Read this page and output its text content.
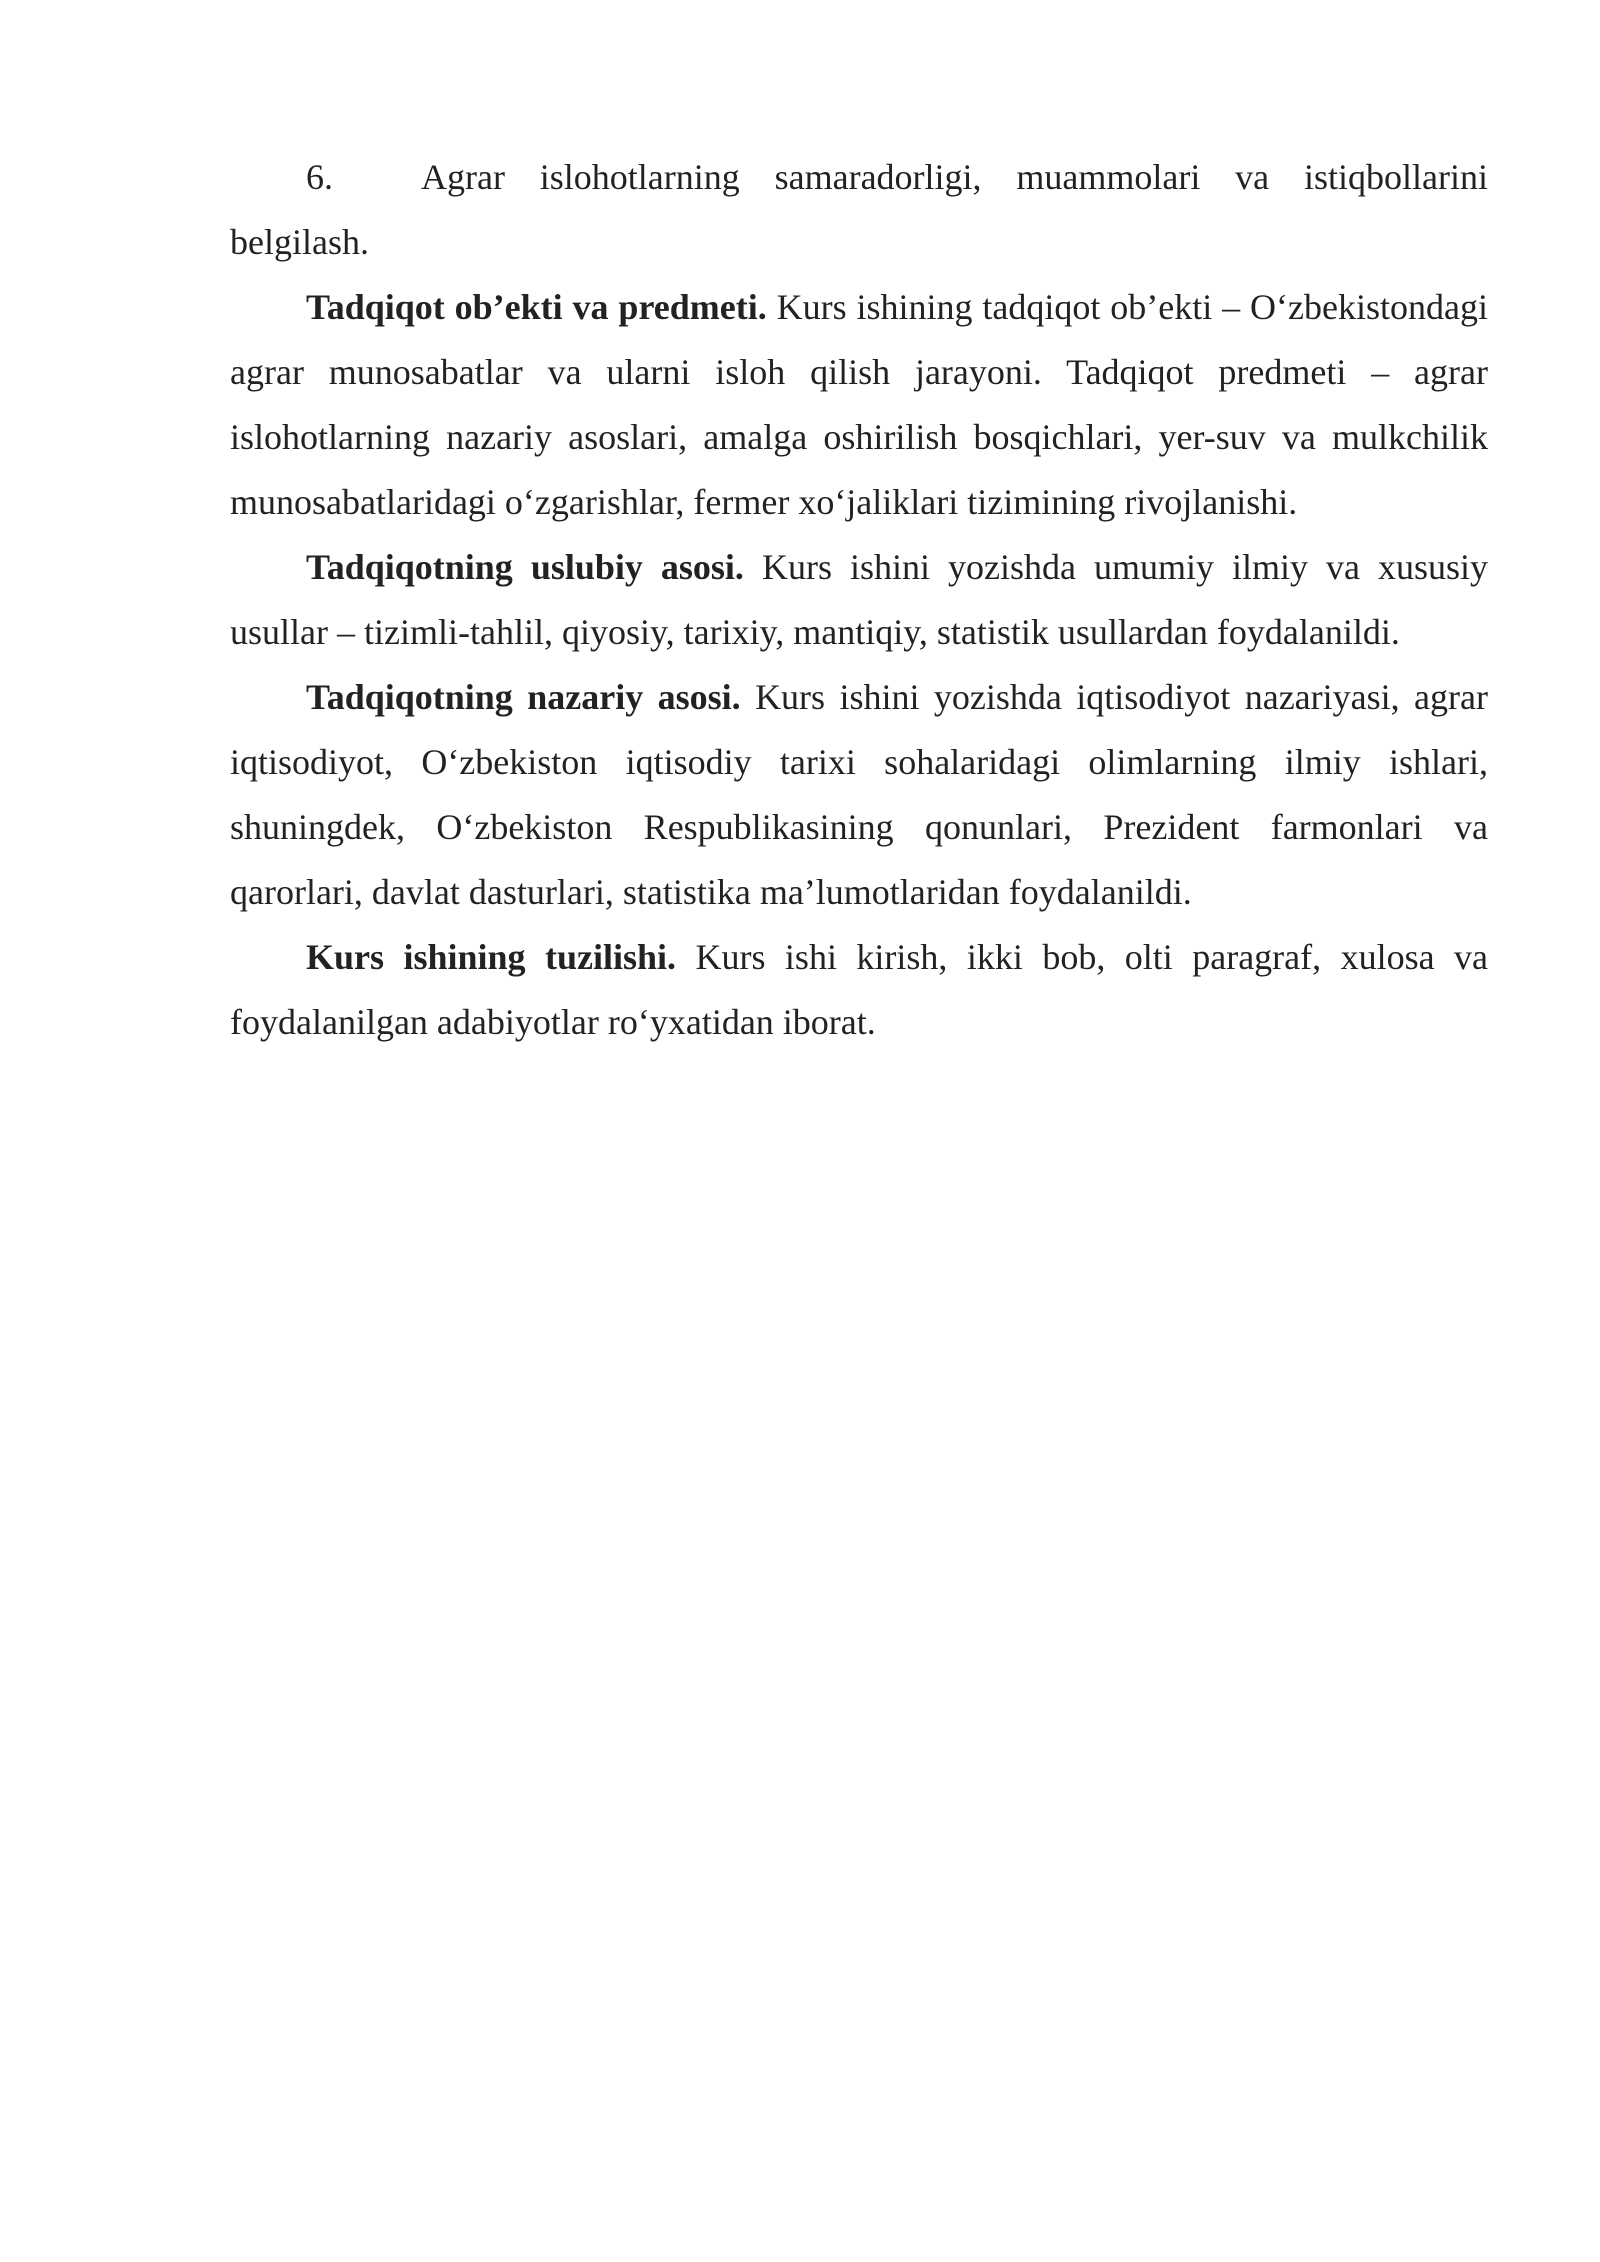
6. Agrar islohotlarning samaradorligi, muammolari va istiqbollarini belgilash.

Tadqiqot ob’ekti va predmeti. Kurs ishining tadqiqot ob’ekti – O‘zbekistondagi agrar munosabatlar va ularni isloh qilish jarayoni. Tadqiqot predmeti – agrar islohotlarning nazariy asoslari, amalga oshirilish bosqichlari, yer-suv va mulkchilik munosabatlaridagi o‘zgarishlar, fermer xo‘jaliklari tizimining rivojlanishi.

Tadqiqotning uslubiy asosi. Kurs ishini yozishda umumiy ilmiy va xususiy usullar – tizimli-tahlil, qiyosiy, tarixiy, mantiqiy, statistik usullardan foydalanildi.

Tadqiqotning nazariy asosi. Kurs ishini yozishda iqtisodiyot nazariyasi, agrar iqtisodiyot, O‘zbekiston iqtisodiy tarixi sohalaridagi olimlarning ilmiy ishlari, shuningdek, O‘zbekiston Respublikasining qonunlari, Prezident farmonlari va qarorlari, davlat dasturlari, statistika ma’lumotlaridan foydalanildi.

Kurs ishining tuzilishi. Kurs ishi kirish, ikki bob, olti paragraf, xulosa va foydalanilgan adabiyotlar ro‘yxatidan iborat.
